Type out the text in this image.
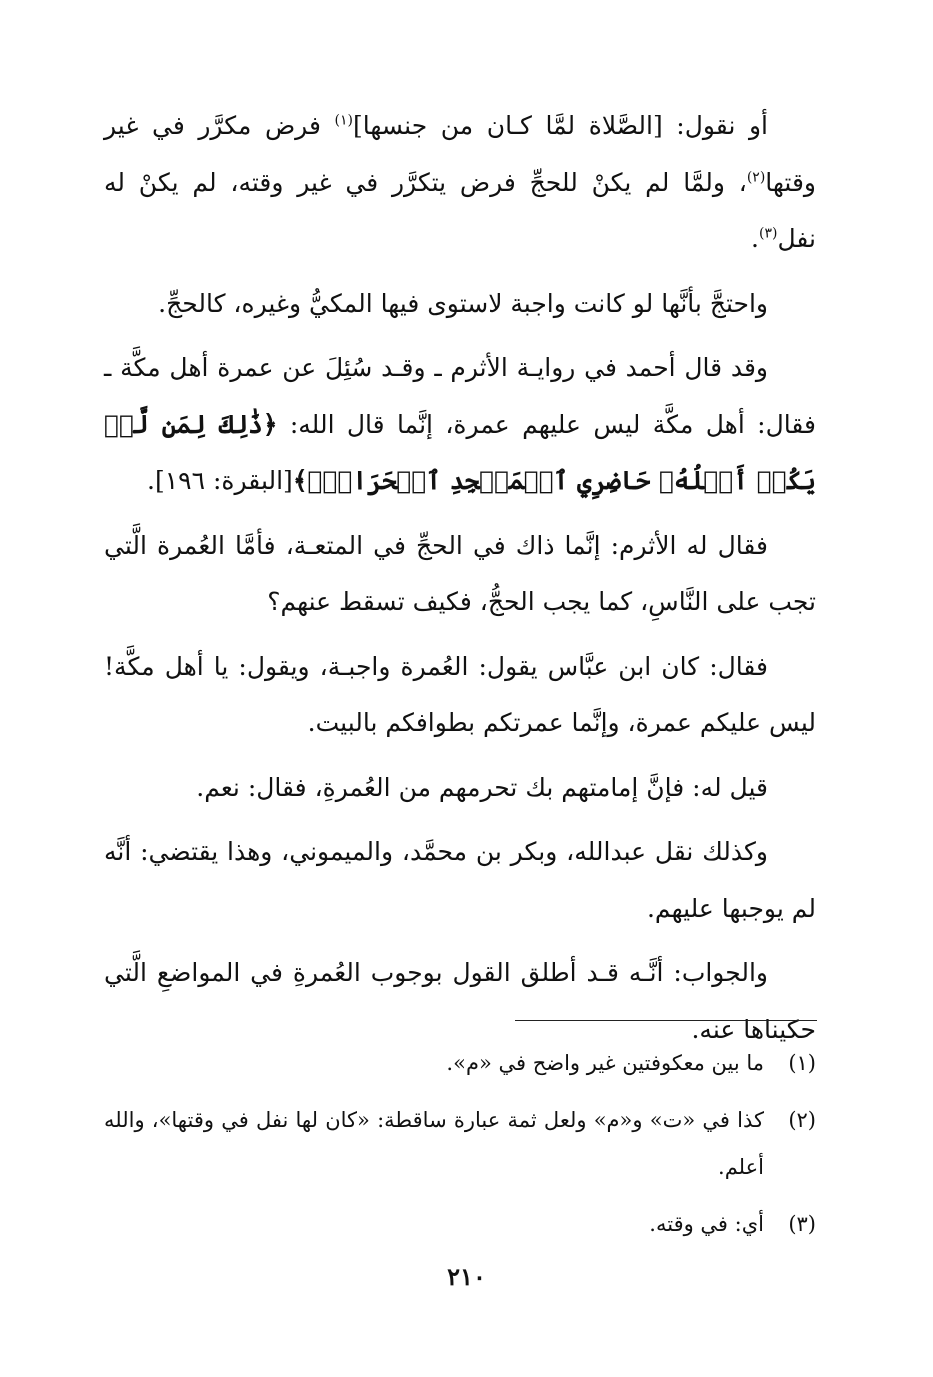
أو نقول: [الصَّلاة لمَّا كـان من جنسها]$^{(١)}$ فرض مكرَّر في غير وقتها$^{(٢)}$، ولمَّا لم يكنْ للحجِّ فرض يتكرَّر في غير وقته، لم يكنْ له نفل$^{(٣)}$.

واحتجَّ بأنَّها لو كانت واجبة لاستوى فيها المكيُّ وغيره، كالحجِّ.

وقد قال أحمد في روايـة الأثرم ـ وقـد سُئِلَ عن عمرة أهل مكَّة ـ فقال: أهل مكَّة ليس عليهم عمرة، إنَّما قال الله: ﴿ذَٰلِكَ لِمَن لَّمۡ يَكُنۡ أَهۡلُهُۥ حَاضِرِي ٱلۡمَسۡجِدِ ٱلۡحَرَامِۚ﴾[البقرة: ١٩٦].

فقال له الأثرم: إنَّما ذاك في الحجِّ في المتعـة، فأمَّا العُمرة الَّتي تجب على النَّاسِ، كما يجب الحجُّ، فكيف تسقط عنهم؟

فقال: كان ابن عبَّاس يقول: العُمرة واجبـة، ويقول: يا أهل مكَّة! ليس عليكم عمرة، وإنَّما عمرتكم بطوافكم بالبيت.

قيل له: فإنَّ إمامتهم بك تحرمهم من العُمرةِ، فقال: نعم.

وكذلك نقل عبدالله، وبكر بن محمَّد، والميموني، وهذا يقتضي: أنَّه لم يوجبها عليهم.

والجواب: أنَّـه قـد أطلق القول بوجوب العُمرةِ في المواضعِ الَّتي حكيناها عنه.

(١)
ما بين معكوفتين غير واضح في «م».
(٢)
كذا في «ت» و«م» ولعل ثمة عبارة ساقطة: «كان لها نفل في وقتها»، والله أعلم.
(٣)
أي: في وقته.
٢١٠
